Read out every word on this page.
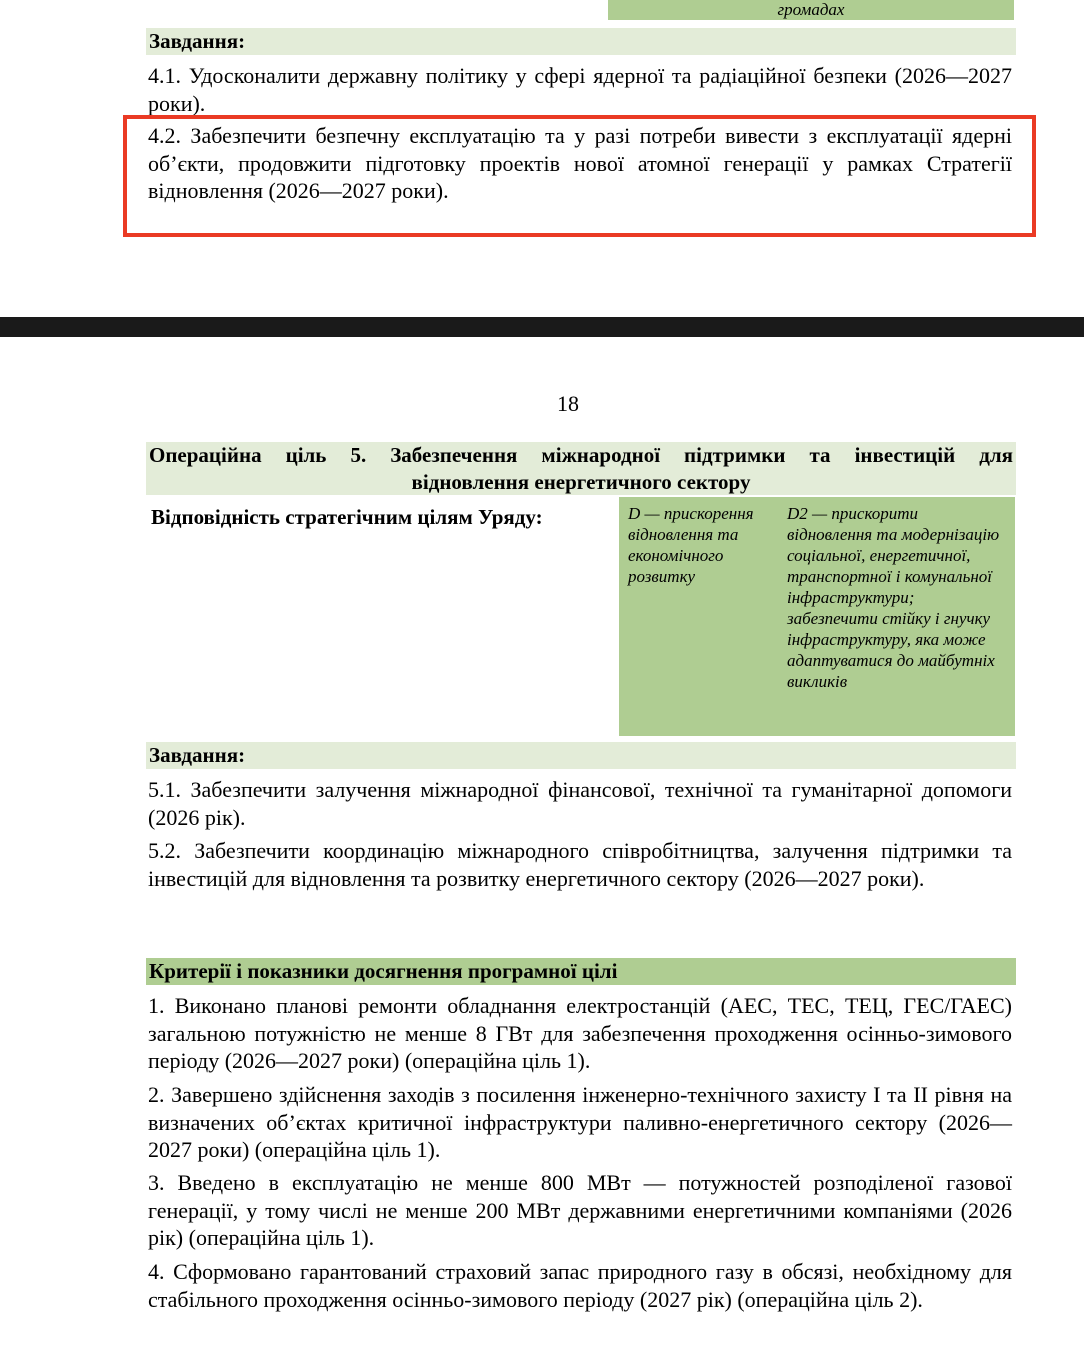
громадах
Завдання:
4.1. Удосконалити державну політику у сфері ядерної та радіаційної безпеки (2026—2027 роки).
4.2. Забезпечити безпечну експлуатацію та у разі потреби вивести з експлуатації ядерні об’єкти, продовжити підготовку проектів нової атомної генерації у рамках Стратегії відновлення (2026—2027 роки).
18
Операційна ціль 5. Забезпечення міжнародної підтримки та інвестицій для
відновлення енергетичного сектору
Відповідність стратегічним цілям Уряду:	D — прискорення відновлення та економічного розвитку
D2 — прискорити відновлення та модернізацію соціальної, енергетичної, транспортної і комунальної інфраструктури; забезпечити стійку і гнучку інфраструктуру, яка може адаптуватися до майбутніх викликів
Завдання:
5.1. Забезпечити залучення міжнародної фінансової, технічної та гуманітарної допомоги (2026 рік).
5.2. Забезпечити координацію міжнародного співробітництва, залучення підтримки та інвестицій для відновлення та розвитку енергетичного сектору (2026—2027 роки).
Критерії і показники досягнення програмної цілі
1. Виконано планові ремонти обладнання електростанцій (АЕС, ТЕС, ТЕЦ, ГЕС/ГАЕС) загальною потужністю не менше 8 ГВт для забезпечення проходження осінньо-зимового періоду (2026—2027 роки) (операційна ціль 1).
2. Завершено здійснення заходів з посилення інженерно-технічного захисту I та II рівня на визначених об’єктах критичної інфраструктури паливно-енергетичного сектору (2026—2027 роки) (операційна ціль 1).
3. Введено в експлуатацію не менше 800 МВт — потужностей розподіленої газової генерації, у тому числі не менше 200 МВт державними енергетичними компаніями (2026 рік) (операційна ціль 1).
4. Сформовано гарантований страховий запас природного газу в обсязі, необхідному для стабільного проходження осінньо-зимового періоду (2027 рік) (операційна ціль 2).
